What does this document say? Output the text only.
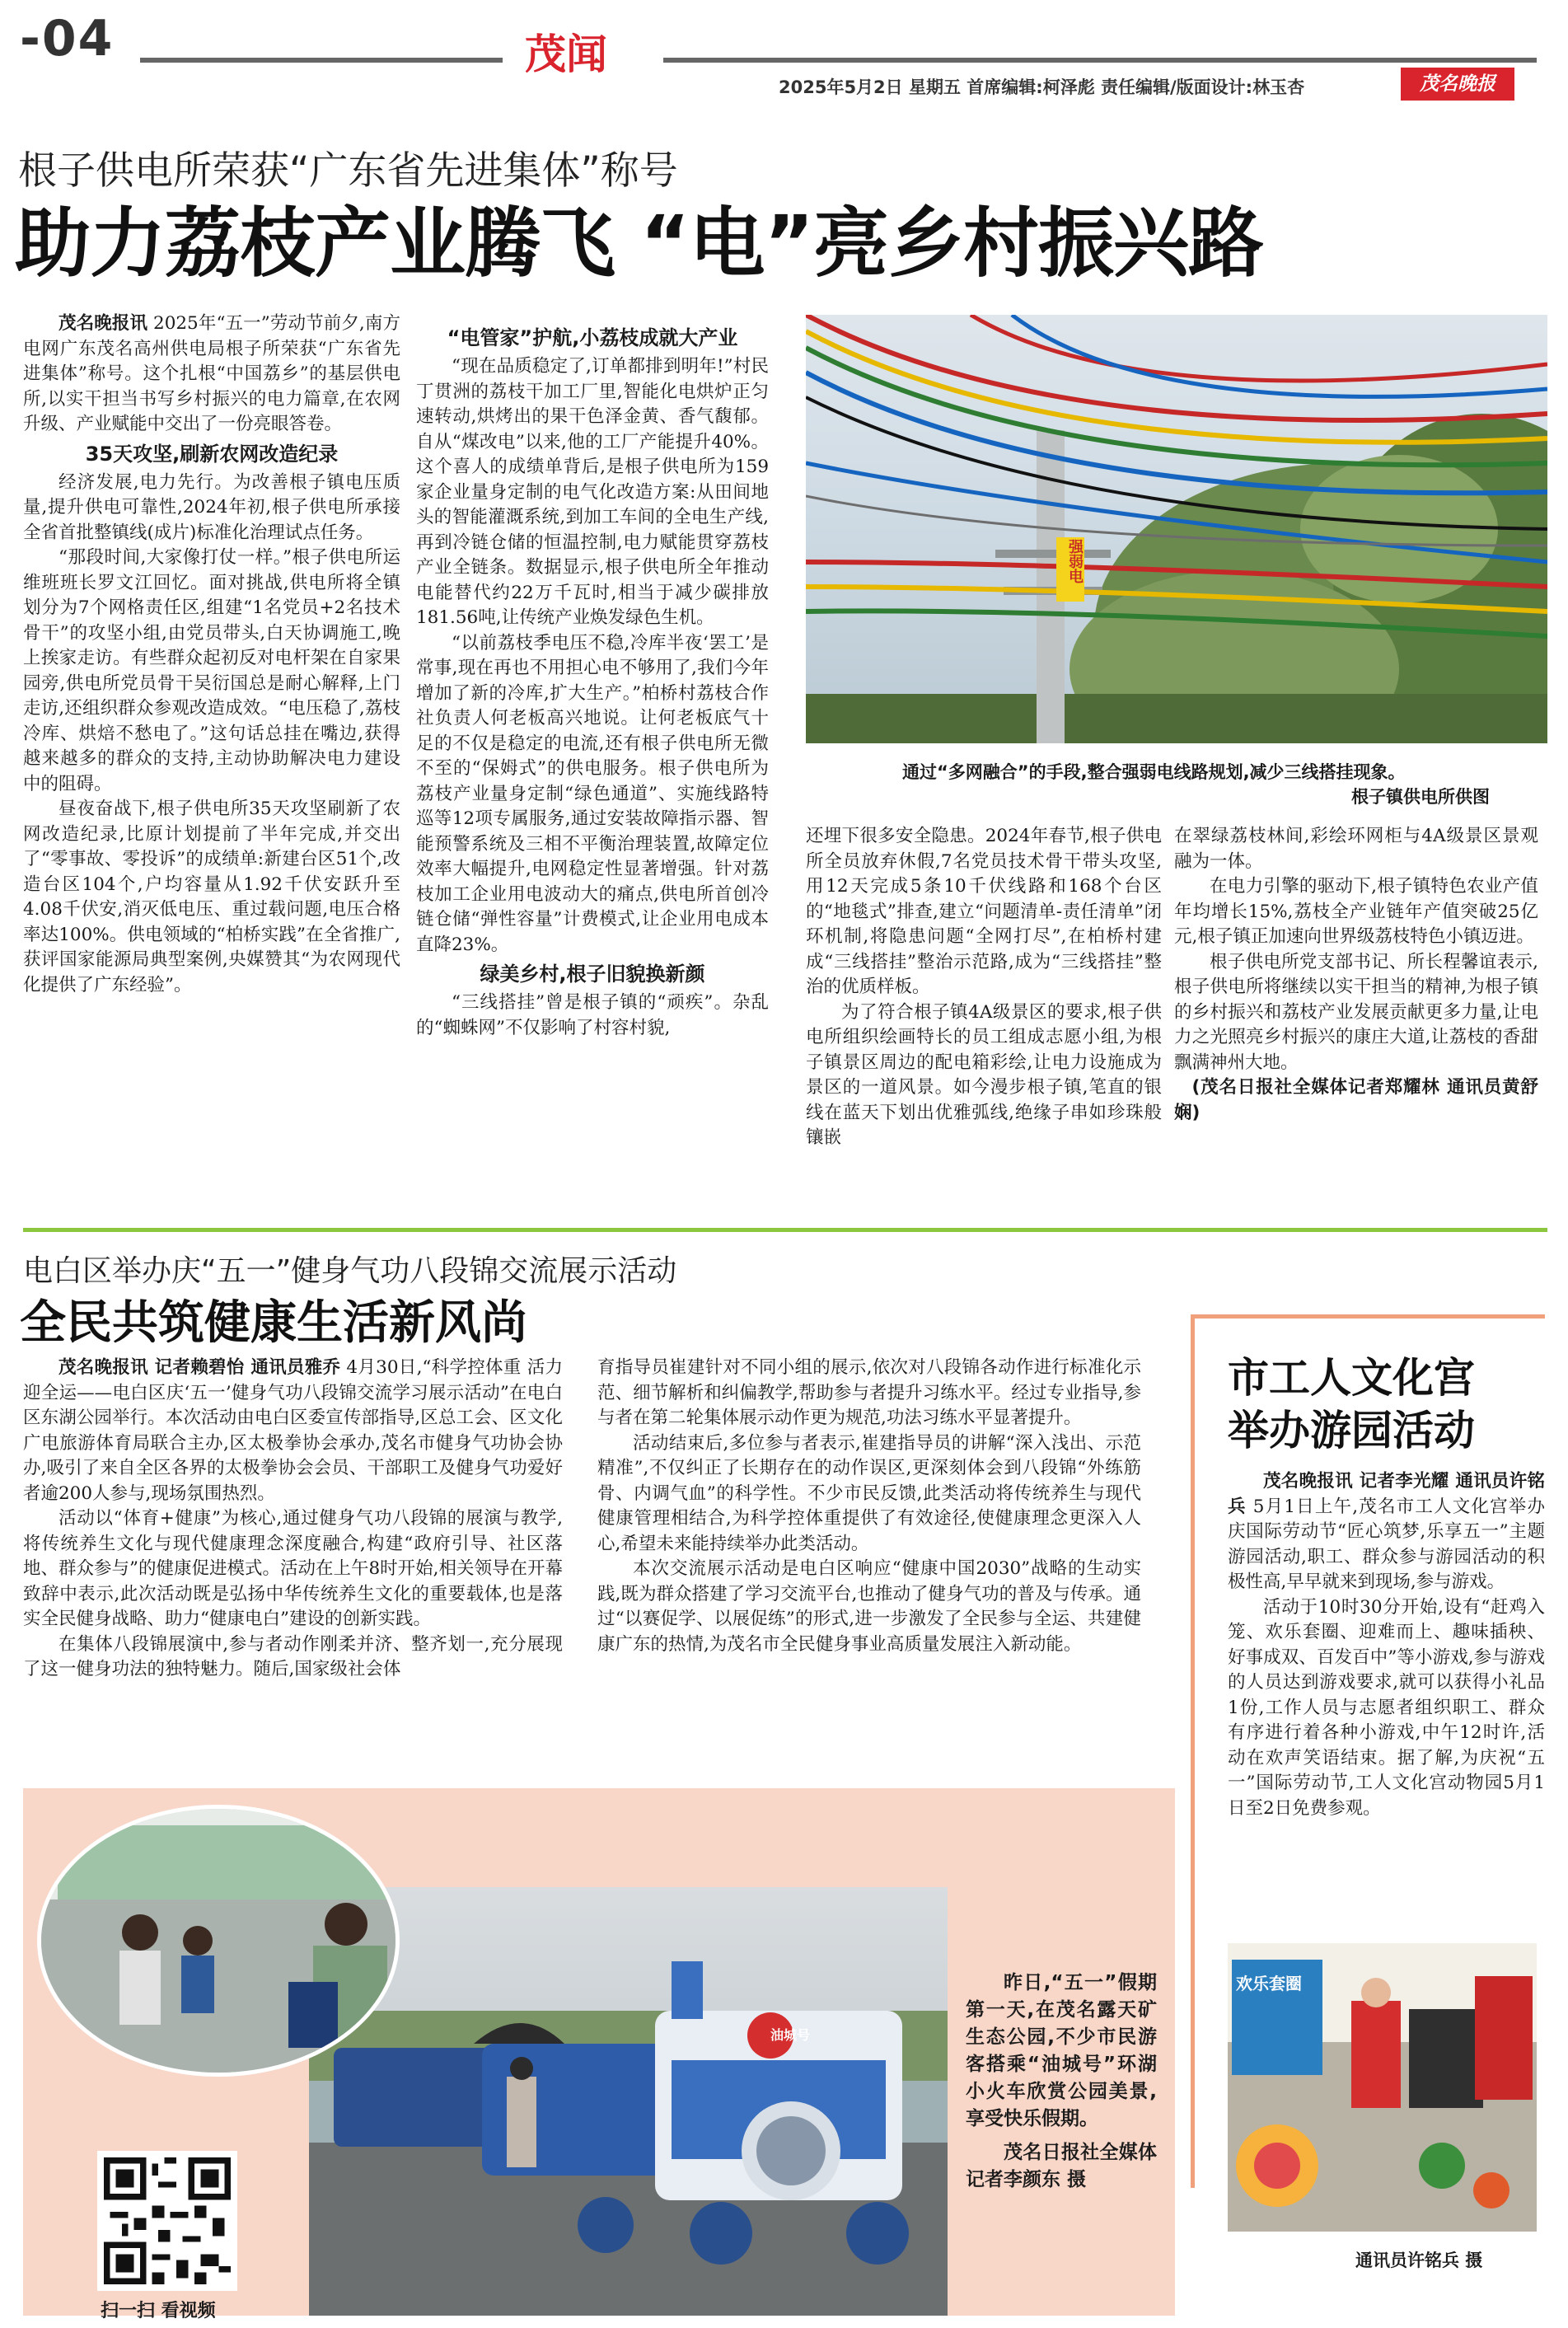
-04	茂闻
2025年5月2日 星期五 首席编辑:柯泽彪 责任编辑/版面设计:林玉杏	茂名晚报
根子供电所荣获“广东省先进集体”称号
助力荔枝产业腾飞 “电”亮乡村振兴路

茂名晚报讯 2025年“五一”劳动节前夕,南方电网广东茂名高州供电局根子所荣获“广东省先进集体”称号。这个扎根“中国荔乡”的基层供电所,以实干担当书写乡村振兴的电力篇章,在农网升级、产业赋能中交出了一份亮眼答卷。

35天攻坚,刷新农网改造纪录

经济发展,电力先行。为改善根子镇电压质量,提升供电可靠性,2024年初,根子供电所承接全省首批整镇线(成片)标准化治理试点任务。

“那段时间,大家像打仗一样。”根子供电所运维班班长罗文江回忆。面对挑战,供电所将全镇划分为7个网格责任区,组建“1名党员+2名技术骨干”的攻坚小组,由党员带头,白天协调施工,晚上挨家走访。有些群众起初反对电杆架在自家果园旁,供电所党员骨干吴衍国总是耐心解释,上门走访,还组织群众参观改造成效。“电压稳了,荔枝冷库、烘焙不愁电了。”这句话总挂在嘴边,获得越来越多的群众的支持,主动协助解决电力建设中的阻碍。

昼夜奋战下,根子供电所35天攻坚刷新了农网改造纪录,比原计划提前了半年完成,并交出了“零事故、零投诉”的成绩单:新建台区51个,改造台区104个,户均容量从1.92千伏安跃升至4.08千伏安,消灭低电压、重过载问题,电压合格率达100%。供电领域的“柏桥实践”在全省推广,获评国家能源局典型案例,央媒赞其“为农网现代化提供了广东经验”。

“电管家”护航,小荔枝成就大产业

“现在品质稳定了,订单都排到明年!”村民丁贯洲的荔枝干加工厂里,智能化电烘炉正匀速转动,烘烤出的果干色泽金黄、香气馥郁。自从“煤改电”以来,他的工厂产能提升40%。这个喜人的成绩单背后,是根子供电所为159家企业量身定制的电气化改造方案:从田间地头的智能灌溉系统,到加工车间的全电生产线,再到冷链仓储的恒温控制,电力赋能贯穿荔枝产业全链条。数据显示,根子供电所全年推动电能替代约22万千瓦时,相当于减少碳排放181.56吨,让传统产业焕发绿色生机。

“以前荔枝季电压不稳,冷库半夜‘罢工’是常事,现在再也不用担心电不够用了,我们今年增加了新的冷库,扩大生产。”柏桥村荔枝合作社负责人何老板高兴地说。让何老板底气十足的不仅是稳定的电流,还有根子供电所无微不至的“保姆式”的供电服务。根子供电所为荔枝产业量身定制“绿色通道”、实施线路特巡等12项专属服务,通过安装故障指示器、智能预警系统及三相不平衡治理装置,故障定位效率大幅提升,电网稳定性显著增强。针对荔枝加工企业用电波动大的痛点,供电所首创冷链仓储“弹性容量”计费模式,让企业用电成本直降23%。

绿美乡村,根子旧貌换新颜

“三线搭挂”曾是根子镇的“顽疾”。杂乱的“蜘蛛网”不仅影响了村容村貌,

强弱电
通过“多网融合”的手段,整合强弱电线路规划,减少三线搭挂现象。
根子镇供电所供图

还埋下很多安全隐患。2024年春节,根子供电所全员放弃休假,7名党员技术骨干带头攻坚,用12天完成5条10千伏线路和168个台区的“地毯式”排查,建立“问题清单-责任清单”闭环机制,将隐患问题“全网打尽”,在柏桥村建成“三线搭挂”整治示范路,成为“三线搭挂”整治的优质样板。

为了符合根子镇4A级景区的要求,根子供电所组织绘画特长的员工组成志愿小组,为根子镇景区周边的配电箱彩绘,让电力设施成为景区的一道风景。如今漫步根子镇,笔直的银线在蓝天下划出优雅弧线,绝缘子串如珍珠般镶嵌

在翠绿荔枝林间,彩绘环网柜与4A级景区景观融为一体。

在电力引擎的驱动下,根子镇特色农业产值年均增长15%,荔枝全产业链年产值突破25亿元,根子镇正加速向世界级荔枝特色小镇迈进。

根子供电所党支部书记、所长程馨谊表示,根子供电所将继续以实干担当的精神,为根子镇的乡村振兴和荔枝产业发展贡献更多力量,让电力之光照亮乡村振兴的康庄大道,让荔枝的香甜飘满神州大地。

(茂名日报社全媒体记者郑耀林 通讯员黄舒娴)

电白区举办庆“五一”健身气功八段锦交流展示活动
全民共筑健康生活新风尚

茂名晚报讯 记者赖碧怡 通讯员雅乔 4月30日,“科学控体重 活力迎全运——电白区庆‘五一’健身气功八段锦交流学习展示活动”在电白区东湖公园举行。本次活动由电白区委宣传部指导,区总工会、区文化广电旅游体育局联合主办,区太极拳协会承办,茂名市健身气功协会协办,吸引了来自全区各界的太极拳协会会员、干部职工及健身气功爱好者逾200人参与,现场氛围热烈。

活动以“体育+健康”为核心,通过健身气功八段锦的展演与教学,将传统养生文化与现代健康理念深度融合,构建“政府引导、社区落地、群众参与”的健康促进模式。活动在上午8时开始,相关领导在开幕致辞中表示,此次活动既是弘扬中华传统养生文化的重要载体,也是落实全民健身战略、助力“健康电白”建设的创新实践。

在集体八段锦展演中,参与者动作刚柔并济、整齐划一,充分展现了这一健身功法的独特魅力。随后,国家级社会体

育指导员崔建针对不同小组的展示,依次对八段锦各动作进行标准化示范、细节解析和纠偏教学,帮助参与者提升习练水平。经过专业指导,参与者在第二轮集体展示动作更为规范,功法习练水平显著提升。

活动结束后,多位参与者表示,崔建指导员的讲解“深入浅出、示范精准”,不仅纠正了长期存在的动作误区,更深刻体会到八段锦“外练筋骨、内调气血”的科学性。不少市民反馈,此类活动将传统养生与现代健康管理相结合,为科学控体重提供了有效途径,使健康理念更深入人心,希望未来能持续举办此类活动。

本次交流展示活动是电白区响应“健康中国2030”战略的生动实践,既为群众搭建了学习交流平台,也推动了健身气功的普及与传承。通过“以赛促学、以展促练”的形式,进一步激发了全民参与全运、共建健康广东的热情,为茂名市全民健身事业高质量发展注入新动能。

市工人文化宫举办游园活动

茂名晚报讯 记者李光耀 通讯员许铭兵 5月1日上午,茂名市工人文化宫举办庆国际劳动节“匠心筑梦,乐享五一”主题游园活动,职工、群众参与游园活动的积极性高,早早就来到现场,参与游戏。

活动于10时30分开始,设有“赶鸡入笼、欢乐套圈、迎难而上、趣味插秧、好事成双、百发百中”等小游戏,参与游戏的人员达到游戏要求,就可以获得小礼品1份,工作人员与志愿者组织职工、群众有序进行着各种小游戏,中午12时许,活动在欢声笑语结束。据了解,为庆祝“五一”国际劳动节,工人文化宫动物园5月1日至2日免费参观。

欢乐套圈
通讯员许铭兵 摄
油城号
扫一扫 看视频

昨日,“五一”假期第一天,在茂名露天矿生态公园,不少市民游客搭乘“油城号”环湖小火车欣赏公园美景,享受快乐假期。

茂名日报社全媒体记者李颜东 摄
